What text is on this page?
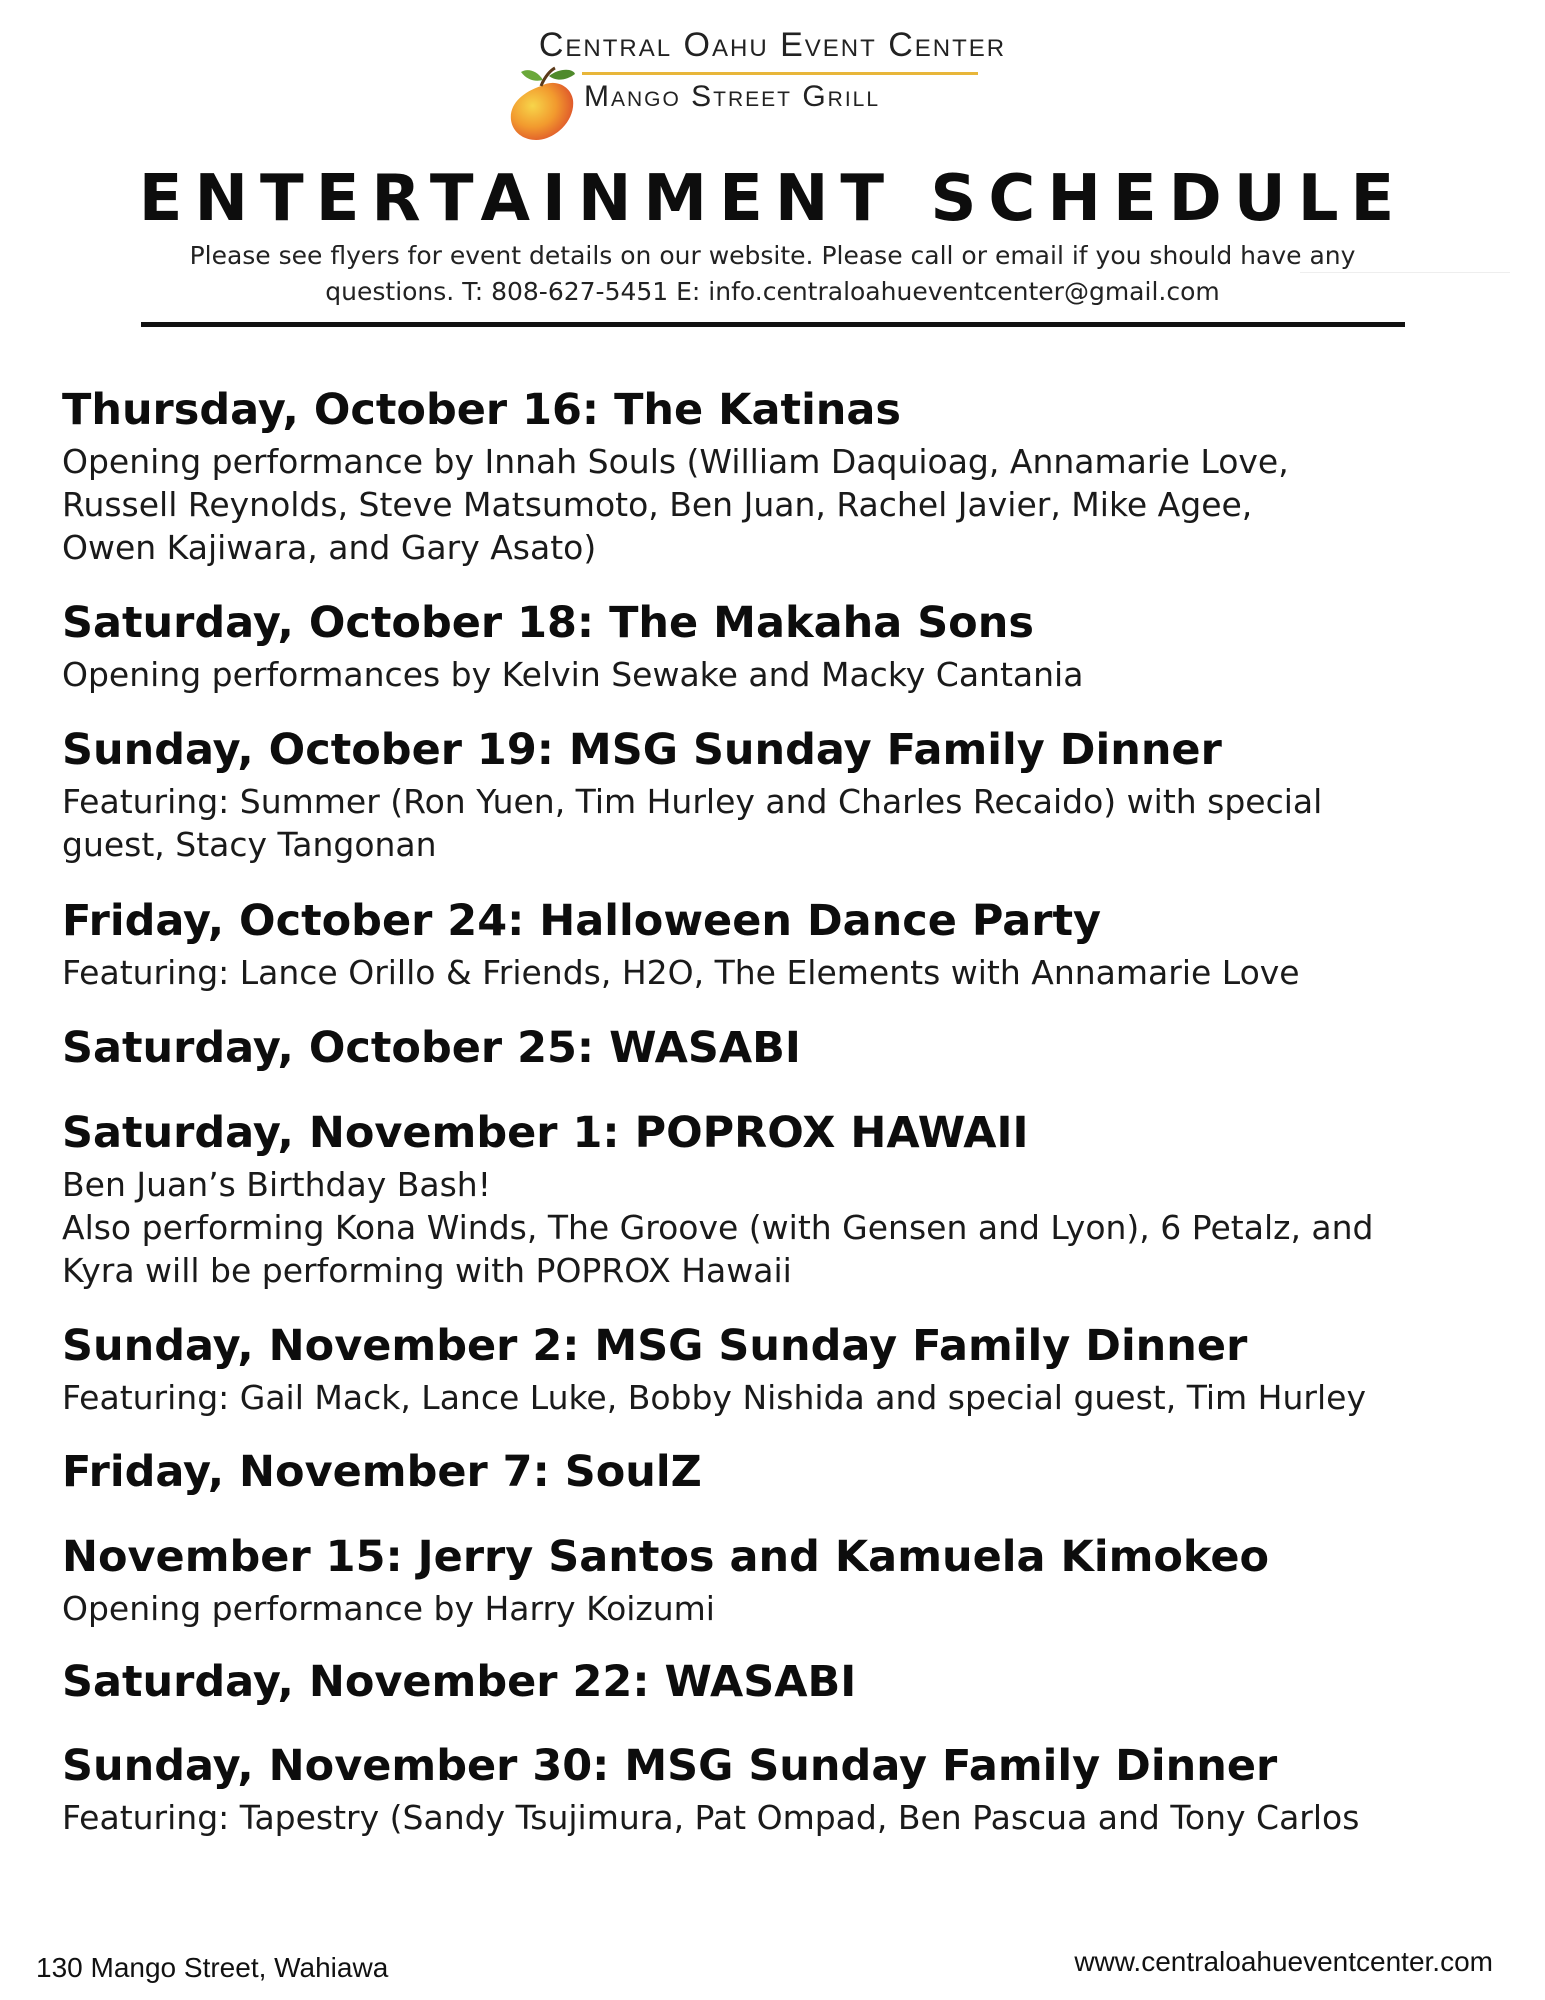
Central Oahu Event Center
Mango Street Grill
ENTERTAINMENT SCHEDULE
Please see flyers for event details on our website. Please call or email if you should have any
questions. T: 808-627-5451 E: info.centraloahueventcenter@gmail.com
Thursday, October 16: The Katinas
Opening performance by Innah Souls (William Daquioag, Annamarie Love,
Russell Reynolds, Steve Matsumoto, Ben Juan, Rachel Javier, Mike Agee,
Owen Kajiwara, and Gary Asato)
Saturday, October 18: The Makaha Sons
Opening performances by Kelvin Sewake and Macky Cantania
Sunday, October 19: MSG Sunday Family Dinner
Featuring: Summer (Ron Yuen, Tim Hurley and Charles Recaido) with special
guest, Stacy Tangonan
Friday, October 24: Halloween Dance Party
Featuring: Lance Orillo & Friends, H2O, The Elements with Annamarie Love
Saturday, October 25: WASABI
Saturday, November 1: POPROX HAWAII
Ben Juan’s Birthday Bash!
Also performing Kona Winds, The Groove (with Gensen and Lyon), 6 Petalz, and
Kyra will be performing with POPROX Hawaii
Sunday, November 2: MSG Sunday Family Dinner
Featuring: Gail Mack, Lance Luke, Bobby Nishida and special guest, Tim Hurley
Friday, November 7: SoulZ
November 15: Jerry Santos and Kamuela Kimokeo
Opening performance by Harry Koizumi
Saturday, November 22: WASABI
Sunday, November 30: MSG Sunday Family Dinner
Featuring: Tapestry (Sandy Tsujimura, Pat Ompad, Ben Pascua and Tony Carlos
130 Mango Street, Wahiawa	www.centraloahueventcenter.com
